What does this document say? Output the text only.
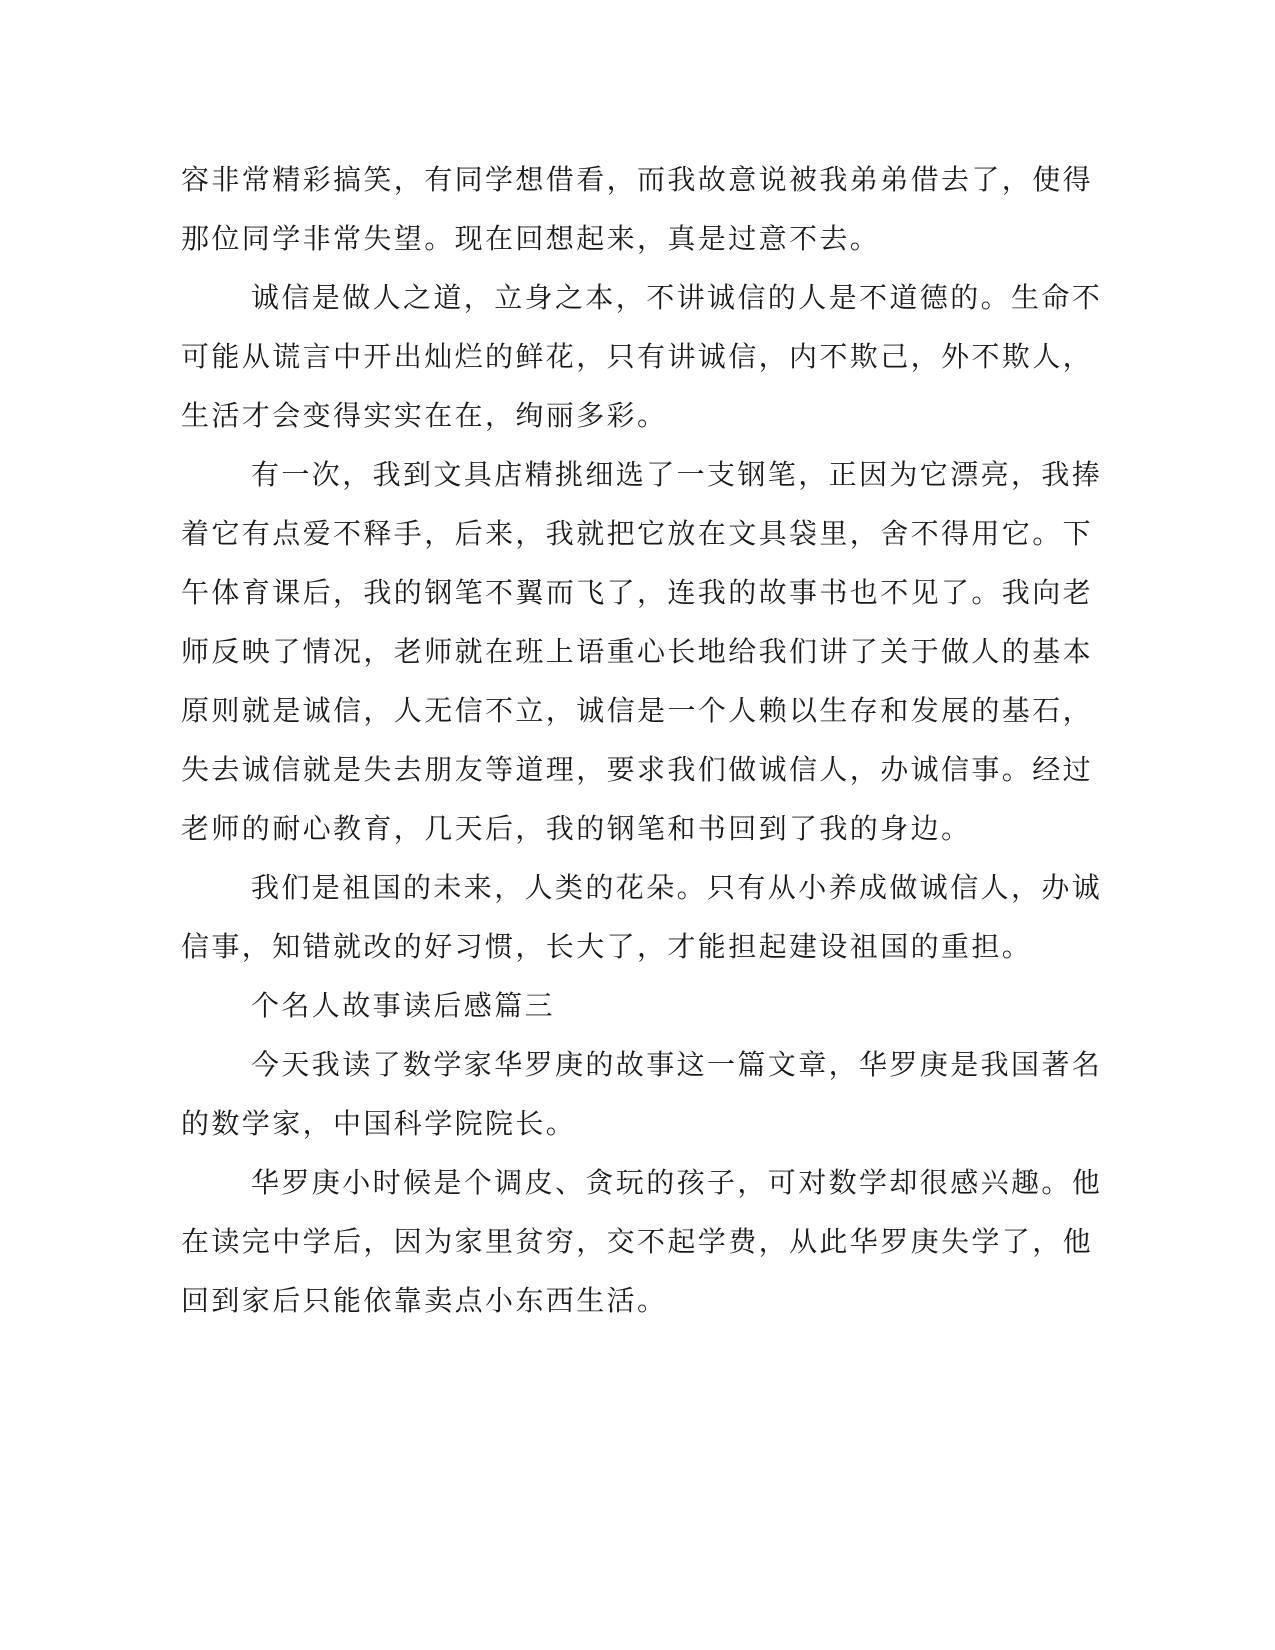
容非常精彩搞笑，有同学想借看，而我故意说被我弟弟借去了，使得
那位同学非常失望。现在回想起来，真是过意不去。
诚信是做人之道，立身之本，不讲诚信的人是不道德的。生命不
可能从谎言中开出灿烂的鲜花，只有讲诚信，内不欺己，外不欺人，
生活才会变得实实在在，绚丽多彩。
有一次，我到文具店精挑细选了一支钢笔，正因为它漂亮，我捧
着它有点爱不释手，后来，我就把它放在文具袋里，舍不得用它。下
午体育课后，我的钢笔不翼而飞了，连我的故事书也不见了。我向老
师反映了情况，老师就在班上语重心长地给我们讲了关于做人的基本
原则就是诚信，人无信不立，诚信是一个人赖以生存和发展的基石，
失去诚信就是失去朋友等道理，要求我们做诚信人，办诚信事。经过
老师的耐心教育，几天后，我的钢笔和书回到了我的身边。
我们是祖国的未来，人类的花朵。只有从小养成做诚信人，办诚
信事，知错就改的好习惯，长大了，才能担起建设祖国的重担。
个名人故事读后感篇三
今天我读了数学家华罗庚的故事这一篇文章，华罗庚是我国著名
的数学家，中国科学院院长。
华罗庚小时候是个调皮、贪玩的孩子，可对数学却很感兴趣。他
在读完中学后，因为家里贫穷，交不起学费，从此华罗庚失学了，他
回到家后只能依靠卖点小东西生活。
